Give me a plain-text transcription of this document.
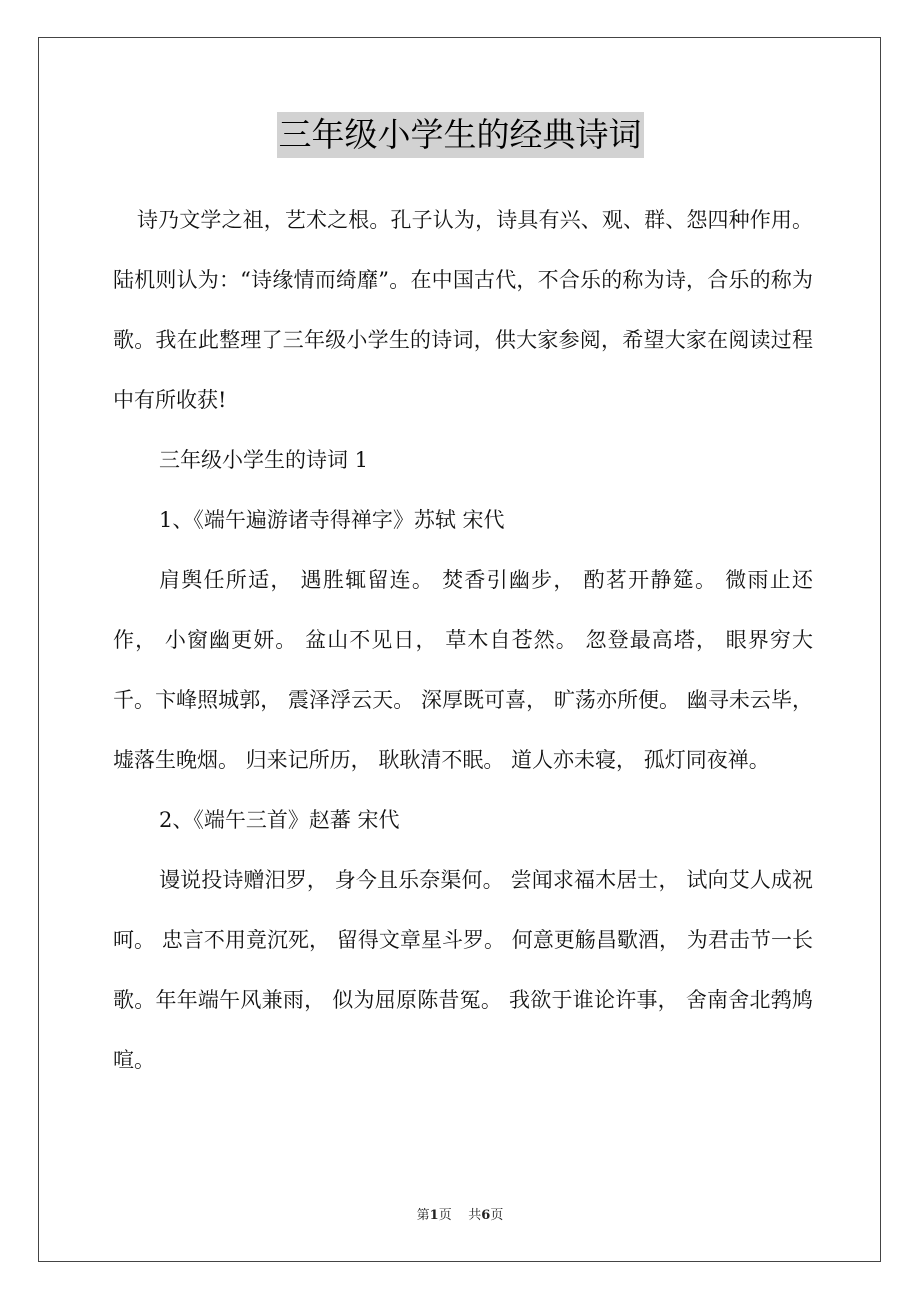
三年级小学生的经典诗词

诗乃文学之祖，艺术之根。孔子认为，诗具有兴、观、群、怨四种作用。 陆机则认为：“诗缘情而绮靡”。在中国古代，不合乐的称为诗，合乐的称为歌。我在此整理了三年级小学生的诗词，供大家参阅，希望大家在阅读过程中有所收获!

三年级小学生的诗词 1

1、《端午遍游诸寺得禅字》苏轼 宋代

肩舆任所适， 遇胜辄留连。 焚香引幽步， 酌茗开静筵。 微雨止还作， 小窗幽更妍。 盆山不见日， 草木自苍然。 忽登最高塔， 眼界穷大千。卞峰照城郭， 震泽浮云天。 深厚既可喜， 旷荡亦所便。 幽寻未云毕， 墟落生晚烟。 归来记所历， 耿耿清不眠。 道人亦未寝， 孤灯同夜禅。

2、《端午三首》赵蕃 宋代

谩说投诗赠汨罗， 身今且乐奈渠何。 尝闻求福木居士， 试向艾人成祝呵。 忠言不用竟沉死， 留得文章星斗罗。 何意更觞昌歜酒， 为君击节一长歌。年年端午风兼雨， 似为屈原陈昔冤。 我欲于谁论许事， 舍南舍北鹁鸠喧。

第1页 共6页
